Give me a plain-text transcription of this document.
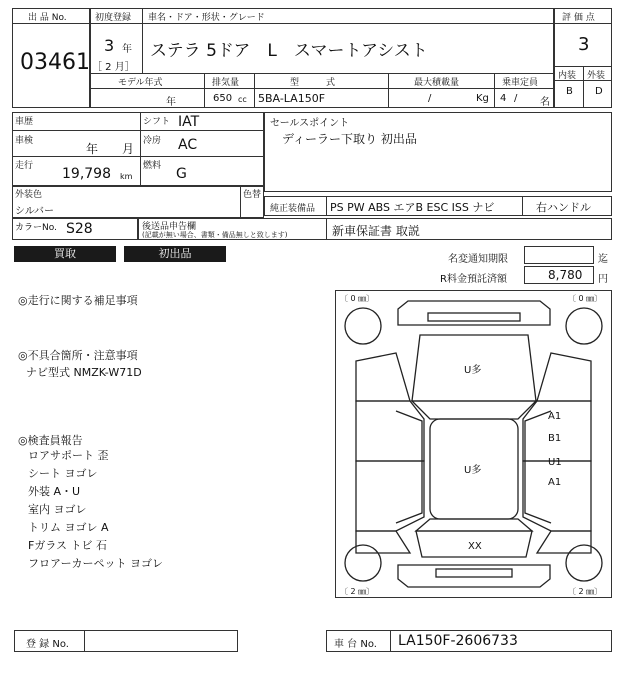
出 品 No.
03461
初度登録
3 年
［ 2 月］
車名・ドア・形状・グレード
ステラ 5ドア　L　スマートアシスト
モデル年式
年
排気量
650 cc
型　　　式
5BA-LA150F
最大積載量
/	Kg
乗車定員
4 / 名
評 価 点
3
内装 外装
B D
車歴
車検
年 月
走行 19,798 km
シフト IAT
冷房 AC
燃料 G
セールスポイント
ディーラー下取り 初出品
外装色
シルバー
色替
純正装備品 PS PW ABS エアB ESC ISS ナビ	右ハンドル
カラーNo. S28	後送品申告欄
(記載が無い場合、書類・備品無しと致します)	新車保証書 取説
買取	初出品	名変通知期限	迄
R料金預託済額	8,780 円
◎走行に関する補足事項
◎不具合箇所・注意事項
ナビ型式 NMZK-W71D
◎検査員報告
ロアサポート 歪
シート ヨゴレ
外装 A・U
室内 ヨゴレ
トリム ヨゴレ A
Fガラス トビ 石
フロアーカーペット ヨゴレ
〔 0 ㎜〕	〔 0 ㎜〕
〔 2 ㎜〕	〔 2 ㎜〕
U多
U多
A1
B1
U1
A1
XX
登 録 No.	車 台 No. LA150F-2606733
